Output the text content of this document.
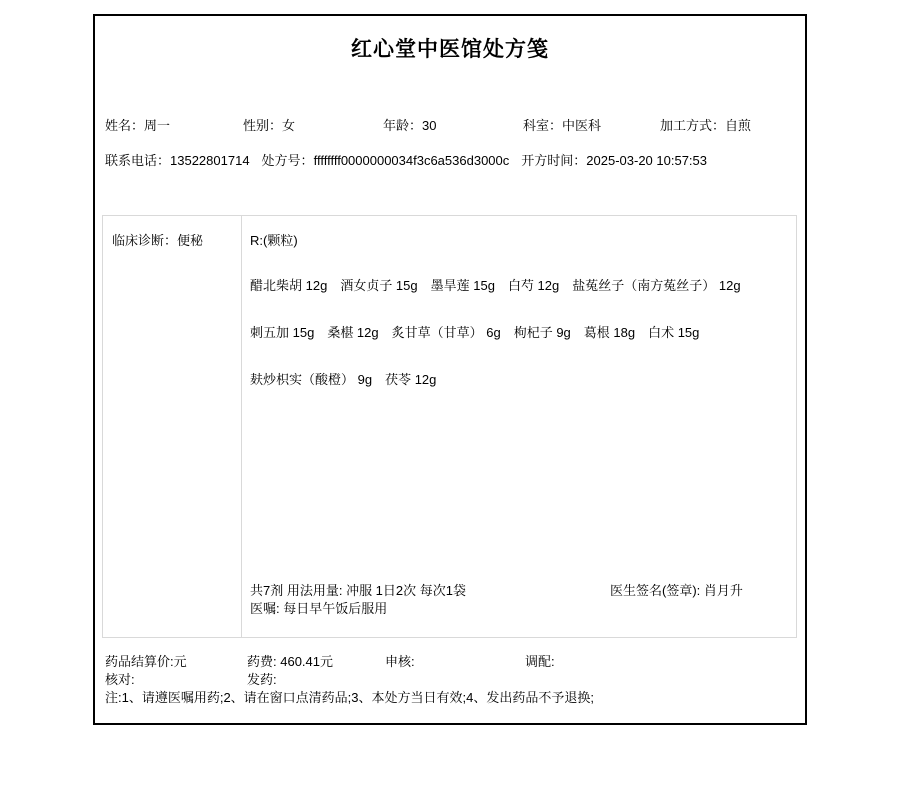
红心堂中医馆处方笺
姓名：周一	性别：女	年龄：30	科室：中医科	加工方式：自煎
联系电话：13522801714 处方号：ffffffff0000000034f3c6a536d3000c 开方时间：2025-03-20 10:57:53
临床诊断：便秘	R:(颗粒)
醋北柴胡 12g 酒女贞子 15g 墨旱莲 15g 白芍 12g 盐菟丝子（南方菟丝子） 12g
刺五加 15g 桑椹 12g 炙甘草（甘草） 6g 枸杞子 9g 葛根 18g 白术 15g
麸炒枳实（酸橙） 9g 茯苓 12g
共7剂 用法用量: 冲服 1日2次 每次1袋	医生签名(签章): 肖月升
医嘱: 每日早午饭后服用
药品结算价:元	药费: 460.41元	申核:	调配:
核对:	发药:
注:1、请遵医嘱用药;2、请在窗口点清药品;3、本处方当日有效;4、发出药品不予退换;
